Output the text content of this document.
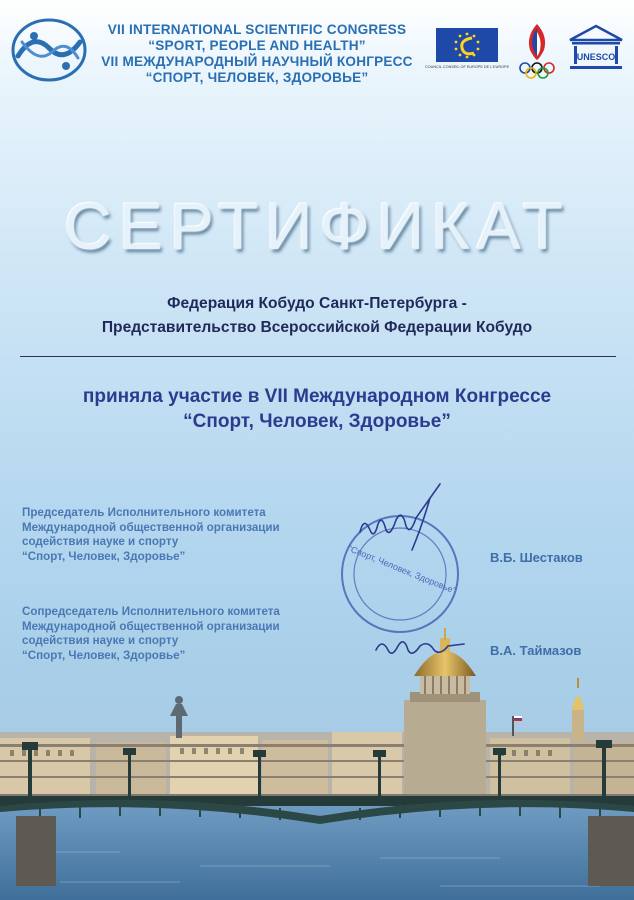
VII INTERNATIONAL SCIENTIFIC CONGRESS
“SPORT, PEOPLE AND HEALTH”
VII МЕЖДУНАРОДНЫЙ НАУЧНЫЙ КОНГРЕСС
“СПОРТ, ЧЕЛОВЕК, ЗДОРОВЬЕ”
COUNCIL CONSEIL OF EUROPE DE L'EUROPE
UNESCO
СЕРТИФИКАТ
Федерация Кобудо Санкт-Петербурга -
Представительство Всероссийской Федерации Кобудо
приняла участие в VII Международном Конгрессе
“Спорт, Человек, Здоровье”
Председатель Исполнительного комитета
Международной общественной организации
содействия науке и спорту
“Спорт, Человек, Здоровье”	В.Б. Шестаков
Сопредседатель Исполнительного комитета
Международной общественной организации
содействия науке и спорту
“Спорт, Человек, Здоровье”	В.А. Таймазов
“Спорт, Человек, Здоровье”
